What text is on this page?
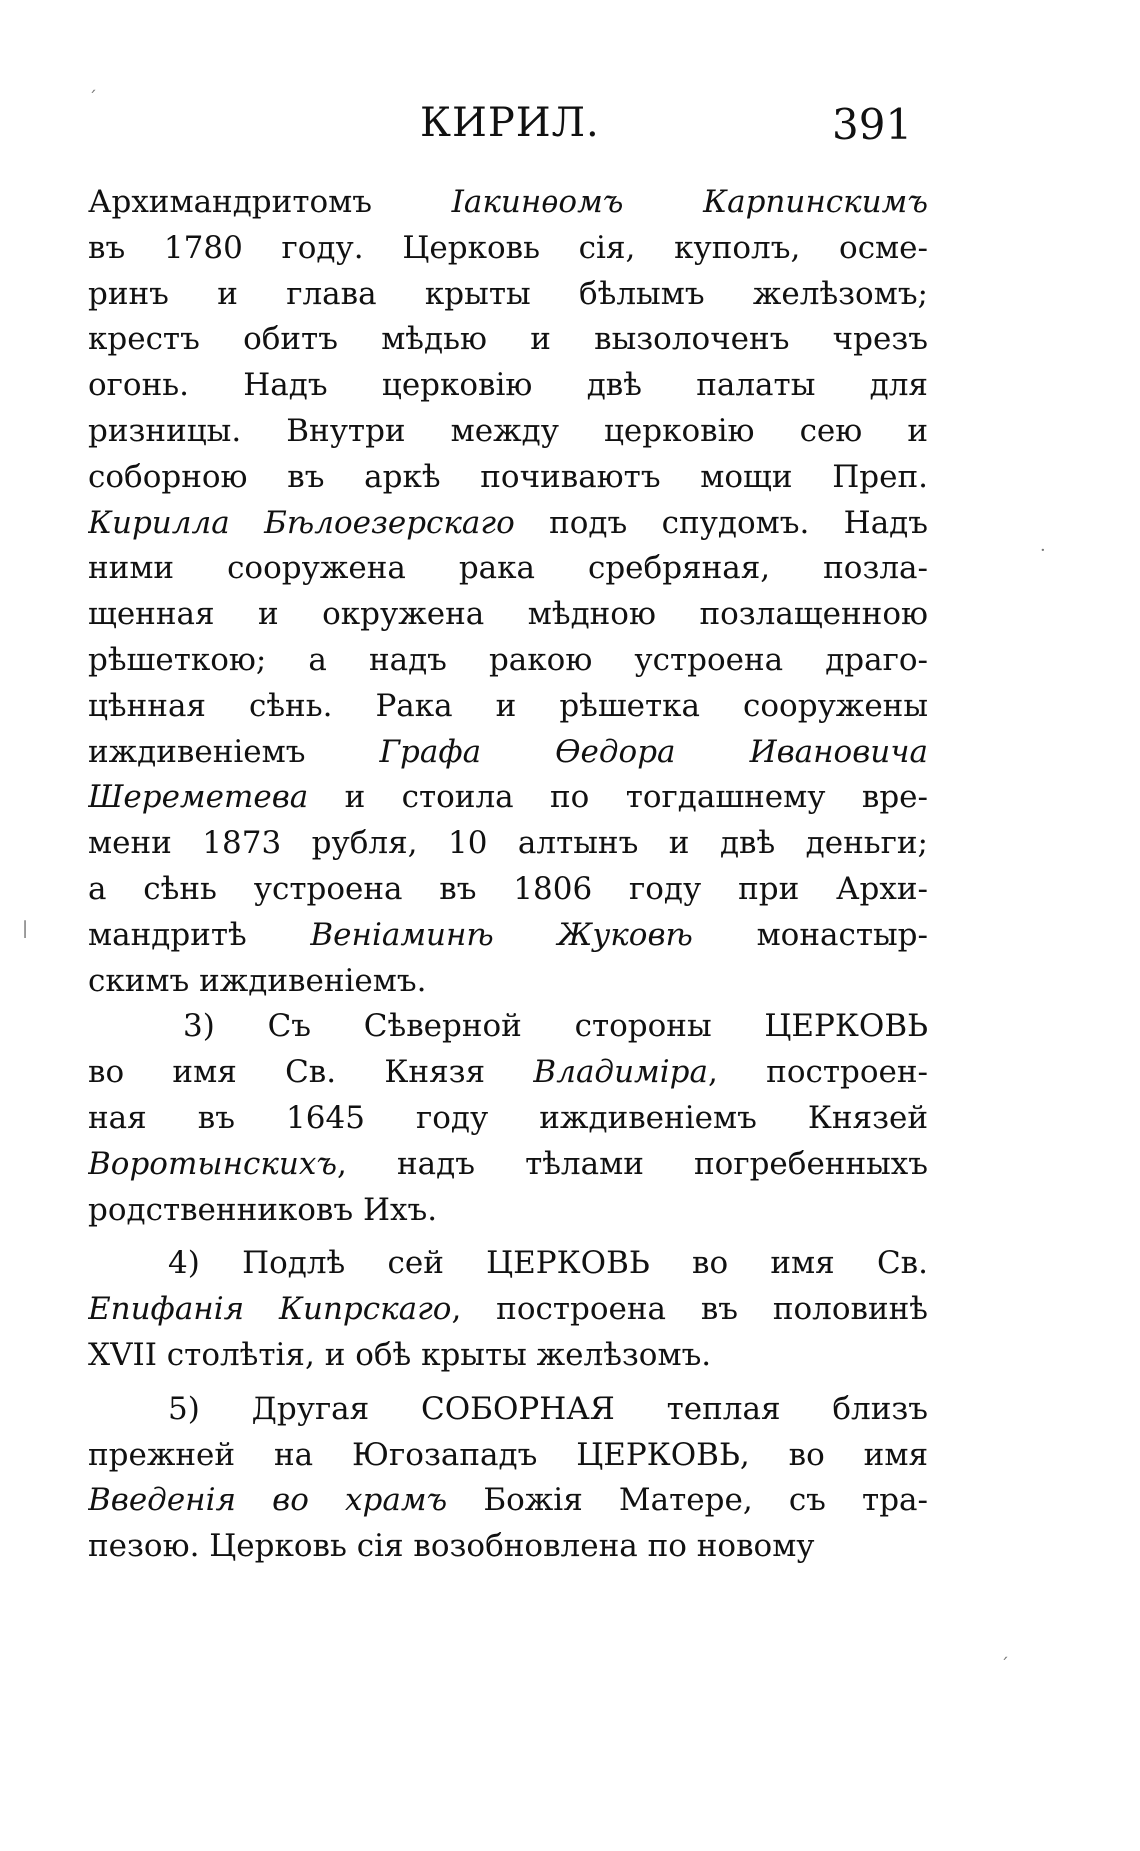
КИРИЛ.	391
Архимандритомъ Іакинѳомъ Карпинскимъ
въ 1780 году. Церковь сія, куполъ, осме-
ринъ и глава крыты бѣлымъ желѣзомъ;
крестъ обитъ мѣдью и вызолоченъ чрезъ
огонь. Надъ церковію двѣ палаты для
ризницы. Внутри между церковію сею и
соборною въ аркѣ почиваютъ мощи Преп.
Кирилла Бѣлоезерскаго подъ спудомъ. Надъ
ними сооружена рака сребряная, позла-
щенная и окружена мѣдною позлащенною
рѣшеткою; а надъ ракою устроена драго-
цѣнная сѣнь. Рака и рѣшетка сооружены
иждивеніемъ Графа Ѳедора Ивановича
Шереметева и стоила по тогдашнему вре-
мени 1873 рубля, 10 алтынъ и двѣ деньги;
а сѣнь устроена въ 1806 году при Архи-
мандритѣ Веніаминѣ Жуковѣ монастыр-
скимъ иждивеніемъ.
3) Съ Сѣверной стороны ЦЕРКОВЬ
во имя Св. Князя Владиміра, построен-
ная въ 1645 году иждивеніемъ Князей
Воротынскихъ, надъ тѣлами погребенныхъ
родственниковъ Ихъ.
4) Подлѣ сей ЦЕРКОВЬ во имя Св.
Епифанія Кипрскаго, построена въ половинѣ
XVII столѣтія, и обѣ крыты желѣзомъ.
5) Другая СОБОРНАЯ теплая близъ
прежней на Югозападъ ЦЕРКОВЬ, во имя
Введенія во храмъ Божія Матере, съ тра-
пезою. Церковь сія возобновлена по новому
ˊ
|
·
ˊ
